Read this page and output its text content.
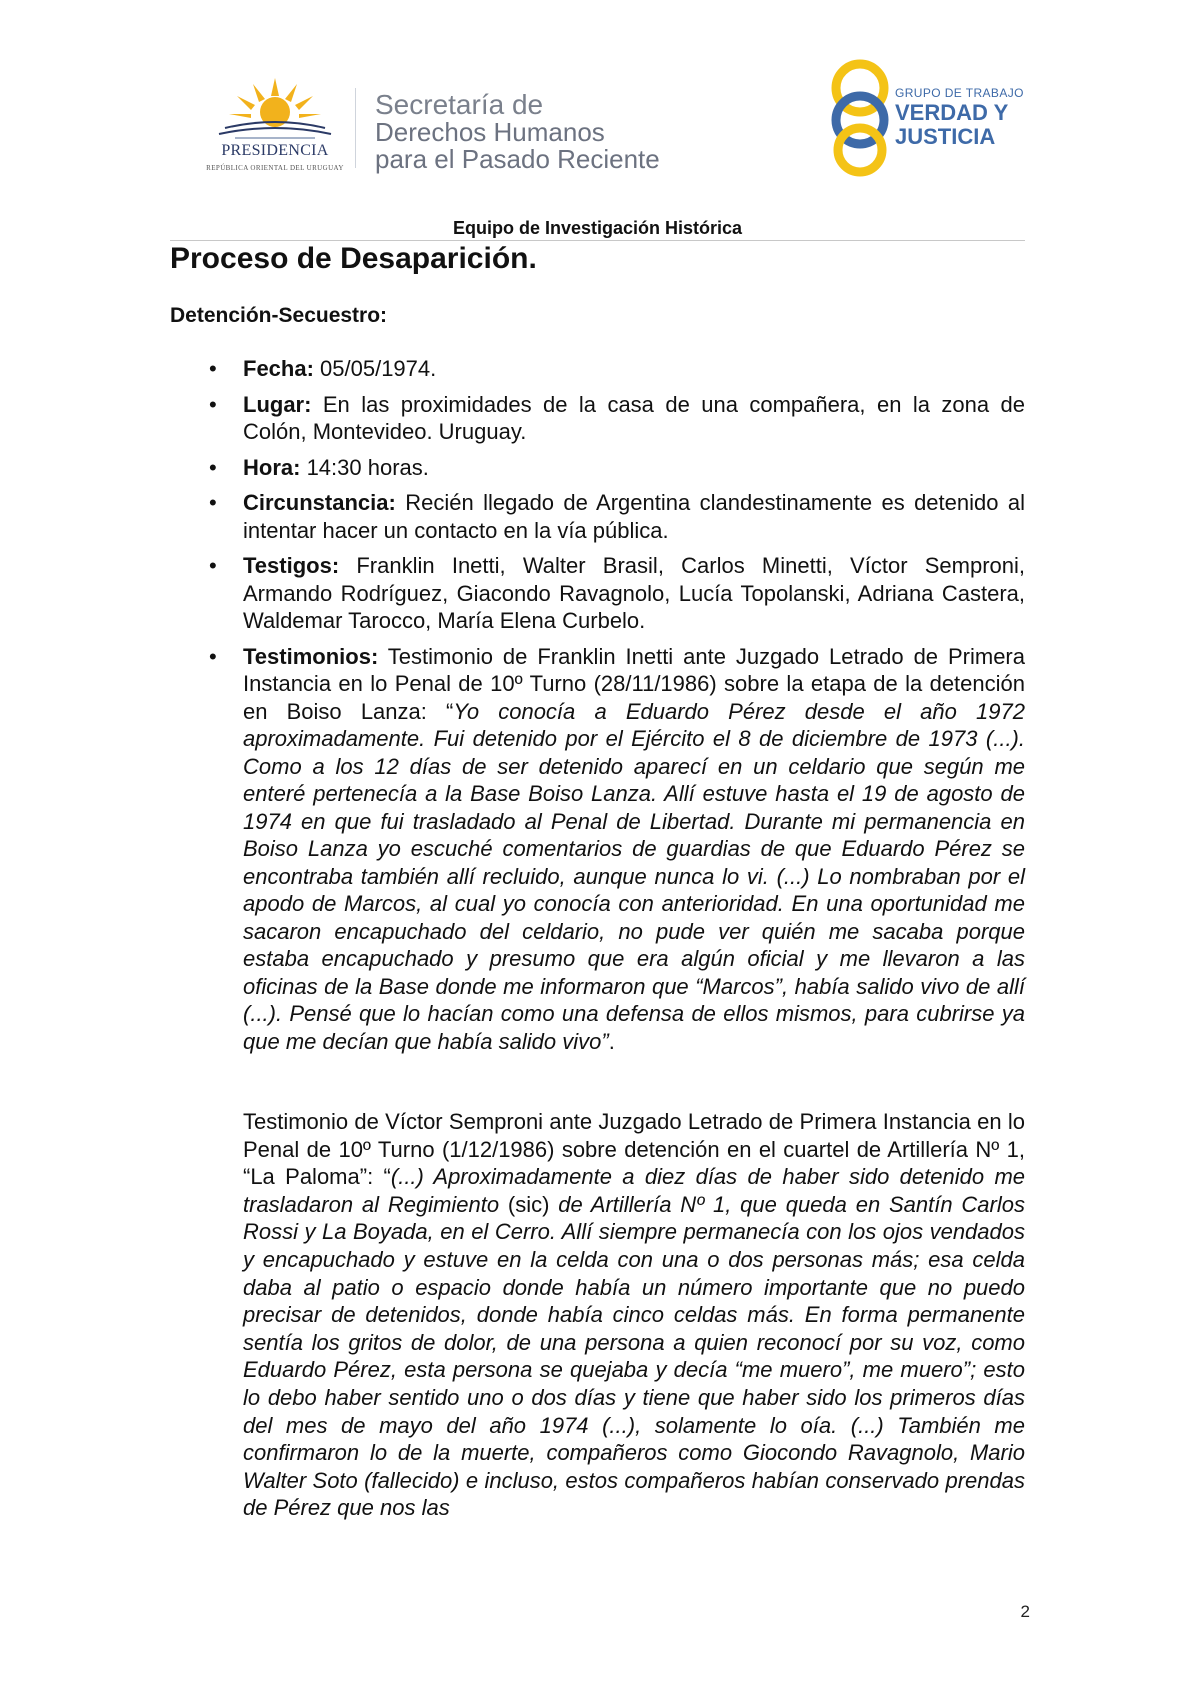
PRESIDENCIA
REPÚBLICA ORIENTAL DEL URUGUAY
Secretaría de
Derechos Humanos
para el Pasado Reciente
GRUPO DE TRABAJO
VERDAD Y
JUSTICIA
Equipo de Investigación Histórica
Proceso de Desaparición.
Detención-Secuestro:
• Fecha: 05/05/1974.
• Lugar: En las proximidades de la casa de una compañera, en la zona de Colón, Montevideo. Uruguay.
• Hora: 14:30 horas.
• Circunstancia: Recién llegado de Argentina clandestinamente es detenido al intentar hacer un contacto en la vía pública.
• Testigos: Franklin Inetti, Walter Brasil, Carlos Minetti, Víctor Semproni, Armando Rodríguez, Giacondo Ravagnolo, Lucía Topolanski, Adriana Castera, Waldemar Tarocco, María Elena Curbelo.
• Testimonios: Testimonio de Franklin Inetti ante Juzgado Letrado de Primera Instancia en lo Penal de 10º Turno (28/11/1986) sobre la etapa de la detención en Boiso Lanza: “Yo conocía a Eduardo Pérez desde el año 1972 aproximadamente. Fui detenido por el Ejército el 8 de diciembre de 1973 (...). Como a los 12 días de ser detenido aparecí en un celdario que según me enteré pertenecía a la Base Boiso Lanza. Allí estuve hasta el 19 de agosto de 1974 en que fui trasladado al Penal de Libertad. Durante mi permanencia en Boiso Lanza yo escuché comentarios de guardias de que Eduardo Pérez se encontraba también allí recluido, aunque nunca lo vi. (...) Lo nombraban por el apodo de Marcos, al cual yo conocía con anterioridad. En una oportunidad me sacaron encapuchado del celdario, no pude ver quién me sacaba porque estaba encapuchado y presumo que era algún oficial y me llevaron a las oficinas de la Base donde me informaron que “Marcos”, había salido vivo de allí (...). Pensé que lo hacían como una defensa de ellos mismos, para cubrirse ya que me decían que había salido vivo”.
Testimonio de Víctor Semproni ante Juzgado Letrado de Primera Instancia en lo Penal de 10º Turno (1/12/1986) sobre detención en el cuartel de Artillería Nº 1, “La Paloma”: “(...) Aproximadamente a diez días de haber sido detenido me trasladaron al Regimiento (sic) de Artillería Nº 1, que queda en Santín Carlos Rossi y La Boyada, en el Cerro. Allí siempre permanecía con los ojos vendados y encapuchado y estuve en la celda con una o dos personas más; esa celda daba al patio o espacio donde había un número importante que no puedo precisar de detenidos, donde había cinco celdas más. En forma permanente sentía los gritos de dolor, de una persona a quien reconocí por su voz, como Eduardo Pérez, esta persona se quejaba y decía “me muero”, me muero”; esto lo debo haber sentido uno o dos días y tiene que haber sido los primeros días del mes de mayo del año 1974 (...), solamente lo oía. (...) También me confirmaron lo de la muerte, compañeros como Giocondo Ravagnolo, Mario Walter Soto (fallecido) e incluso, estos compañeros habían conservado prendas de Pérez que nos las
2
